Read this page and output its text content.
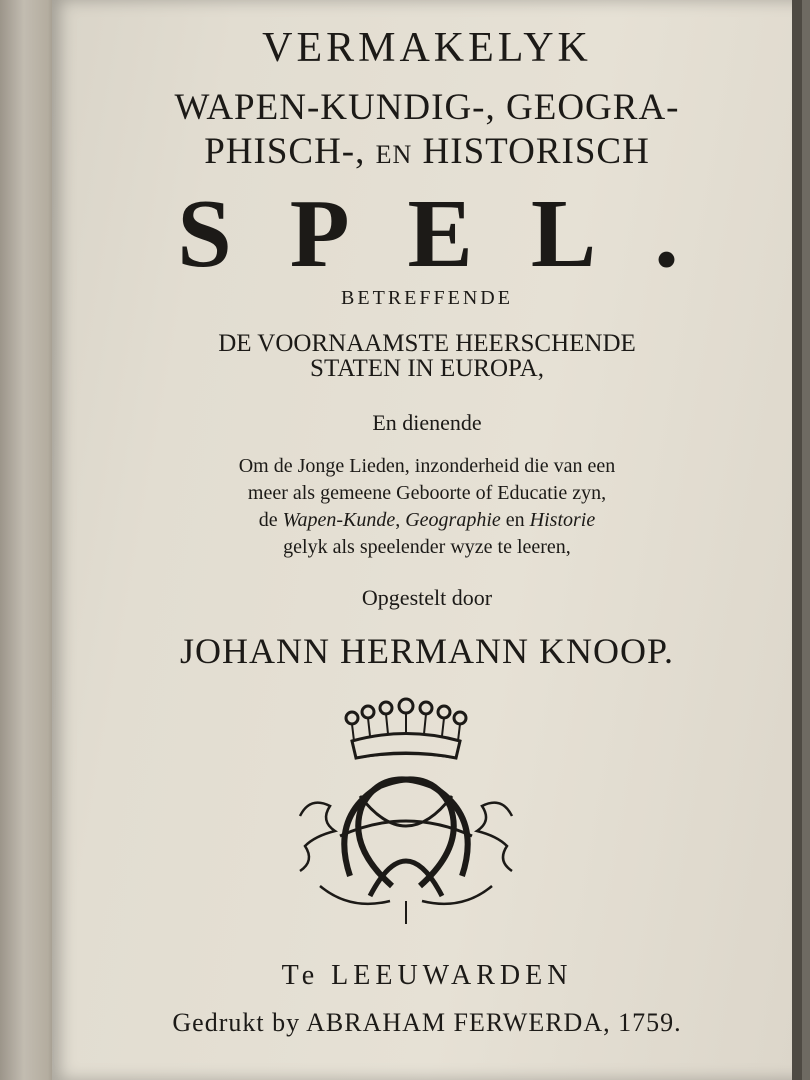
VERMAKELYK
WAPEN-KUNDIG-, GEOGRA-
PHISCH-, EN HISTORISCH
SPEL.
BETREFFENDE
DE VOORNAAMSTE HEERSCHENDE
STATEN IN EUROPA,
En dienende
Om de Jonge Lieden, inzonderheid die van een
meer als gemeene Geboorte of Educatie zyn,
de Wapen-Kunde, Geographie en Historie
gelyk als speelender wyze te leeren,
Opgestelt door
JOHANN HERMANN KNOOP.
Te LEEUWARDEN
Gedrukt by ABRAHAM FERWERDA, 1759.
